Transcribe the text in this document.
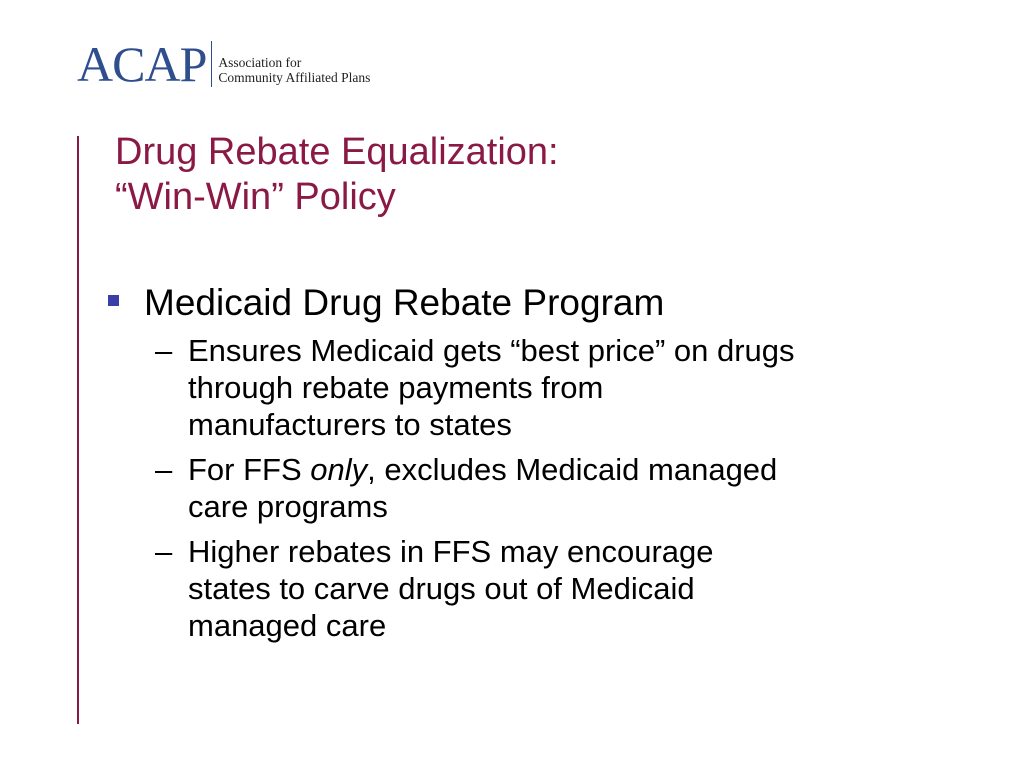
ACAP Association for
Community Affiliated Plans
Drug Rebate Equalization:
“Win-Win” Policy
Medicaid Drug Rebate Program
– Ensures Medicaid gets “best price” on drugs
through rebate payments from
manufacturers to states
– For FFS only, excludes Medicaid managed
care programs
– Higher rebates in FFS may encourage
states to carve drugs out of Medicaid
managed care
